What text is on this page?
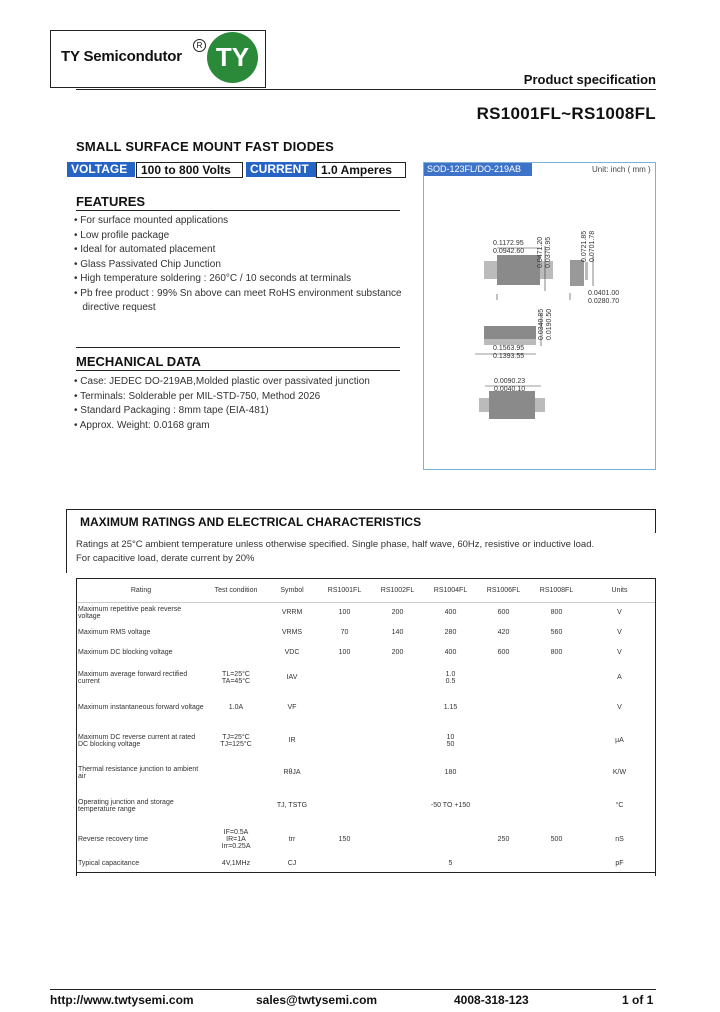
TY Semicondutor
R TY
Product specification
RS1001FL~RS1008FL
SMALL SURFACE MOUNT FAST DIODES
VOLTAGE	100 to 800 Volts	CURRENT	1.0 Amperes
FEATURES
• For surface mounted applications
• Low profile package
• Ideal for automated placement
• Glass Passivated Chip Junction
• High temperature soldering : 260°C / 10 seconds at terminals
• Pb free product : 99% Sn above can meet RoHS environment substance
directive request
MECHANICAL DATA
• Case: JEDEC DO-219AB,Molded plastic over passivated junction
• Terminals: Solderable per MIL-STD-750, Method 2026
• Standard Packaging : 8mm tape (EIA-481)
• Approx. Weight: 0.0168 gram
SOD-123FL/DO-219AB	Unit: inch ( mm )
0.1172.95
0.0942.60 0.0471.20 0.0370.95	0.0721.85 0.0701.78
0.0401.00
0.0280.70
0.0340.85 0.0190.50
0.1563.95
0.1393.55
0.0090.23
0.0040.10
MAXIMUM RATINGS AND ELECTRICAL CHARACTERISTICS
Ratings at 25°C ambient temperature unless otherwise specified. Single phase, half wave, 60Hz, resistive or inductive load.
For capacitive load, derate current by 20%
Rating	Test condition	Symbol	RS1001FL	RS1002FL	RS1004FL	RS1006FL	RS1008FL	Units
Maximum repetitive peak reverse voltage		VRRM	100	200	400	600	800	V
Maximum RMS voltage		VRMS	70	140	280	420	560	V
Maximum DC blocking voltage		VDC	100	200	400	600	800	V
Maximum average forward rectified current	TL=25°C
TA=45°C	IAV			1.0
0.5			A
Maximum instantaneous forward voltage	1.0A	VF			1.15			V
Maximum DC reverse current at rated DC blocking voltage	TJ=25°C
TJ=125°C	IR			10
50			µA
Thermal resistance junction to ambient air		RθJA			180			K/W
Operating junction and storage temperature range		TJ, TSTG			-50 TO +150			°C
Reverse recovery time	IF=0.5A
IR=1A
Irr=0.25A	trr	150			250	500	nS
Typical capacitance	4V,1MHz	CJ			5			pF
http://www.twtysemi.com	sales@twtysemi.com	4008-318-123	1 of 1
